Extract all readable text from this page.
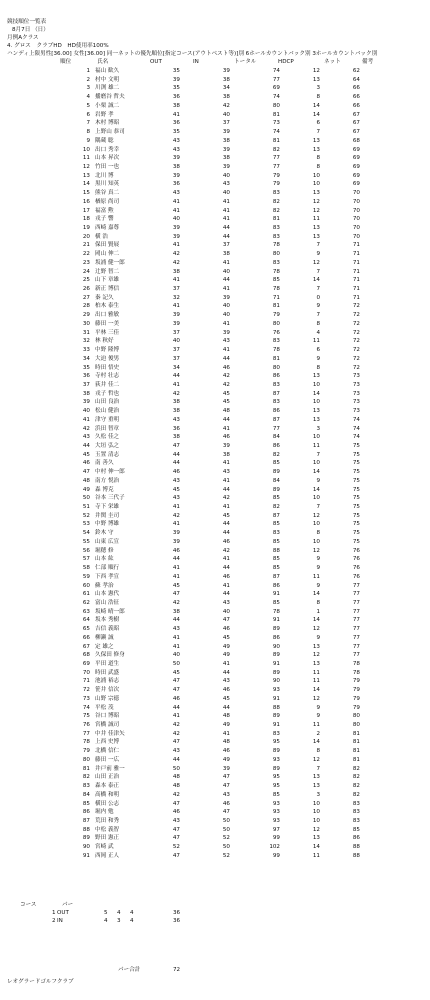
競技順位一覧表
8月7日 （日）
月例Aクラス
4. グロス　クラブHD　HD使用率100%
ハンディ上限男性[36.00] 女性[36.00] 同一ネットの優先順位[指定コース(アウトベスト等)]別 6ホールカウントバック別 3ホールカウントバック別
順位	氏名	OUT	IN	トータル	HDCP	ネット	備考
1 福山 歓久	35	39	74	12	62
2 村中 文明	39	38	77	13	64
3 川渕 雄二	35	34	69	3	66
4 播磨谷 哲夫	36	38	74	8	66
5 小栗 誠二	38	42	80	14	66
6 岩野 孝	41	40	81	14	67
7 木村 博昭	36	37	73	6	67
8 上野山 恭司	35	39	74	7	67
9 隅蔵 聡	43	38	81	13	68
10 出口 秀幸	43	39	82	13	69
11 山本 昇次	39	38	77	8	69
12 竹田 一也	38	39	77	8	69
13 北川 博	39	40	79	10	69
14 黒川 知英	36	43	79	10	69
15 熊谷 真二	43	40	83	13	70
16 楢原 尚司	41	41	82	12	70
17 福富 勲	41	41	82	12	70
18 戎子 響	40	41	81	11	70
19 西崎 嘉尊	39	44	83	13	70
20 横 浩	39	44	83	13	70
21 保田 賢展	41	37	78	7	71
22 岡山 伸二	42	38	80	9	71
23 坂浦 健一郎	42	41	83	12	71
24 辻野 智二	38	40	78	7	71
25 山下 章雄	41	44	85	14	71
26 新正 博信	37	41	78	7	71
27 秦 記久	32	39	71	0	71
28 柏木 泰生	41	40	81	9	72
29 出口 雅敏	39	40	79	7	72
30 藤田 一美	39	41	80	8	72
31 平林 三佳	37	39	76	4	72
32 林 秋好	40	43	83	11	72
33 中野 隆博	37	41	78	6	72
34 大迫 俊男	37	44	81	9	72
35 時田 悟史	34	46	80	8	72
36 寺村 壮志	44	42	86	13	73
37 荻井 佳二	41	42	83	10	73
38 戎子 哲也	42	45	87	14	73
39 山田 良治	38	45	83	10	73
40 松山 健治	38	48	86	13	73
41 津守 重明	43	44	87	13	74
42 浜田 智章	36	41	77	3	74
43 久松 佳之	38	46	84	10	74
44 大垣 弘之	47	39	86	11	75
45 玉置 清志	44	38	82	7	75
46 南 善久	44	41	85	10	75
47 中村 伸一郎	46	43	89	14	75
48 南方 悦治	43	41	84	9	75
49 森 博克	45	44	89	14	75
50 谷本 三代子	43	42	85	10	75
51 寺下 栄雄	41	41	82	7	75
52 井関 圭司	42	45	87	12	75
53 中野 博雄	41	44	85	10	75
54 鈴木 守	39	44	83	8	75
55 山東 広宣	39	46	85	10	75
56 堀穂 修	46	42	88	12	76
57 山本 紘	44	41	85	9	76
58 仁部 順行	41	44	85	9	76
59 下西 孝宣	41	46	87	11	76
60 蘇 孝治	45	41	86	9	77
61 山本 憲代	47	44	91	14	77
62 富山 浩征	42	43	85	8	77
63 坂崎 晴一郎	38	40	78	1	77
64 坂本 秀樹	44	47	91	14	77
65 吉信 義昭	43	46	89	12	77
66 柳瀬 誠	41	45	86	9	77
67 定 雄之	41	49	90	13	77
68 久保田 修身	40	49	89	12	77
69 平田 道生	50	41	91	13	78
70 時田 武盛	45	44	89	11	78
71 池浦 裕志	47	43	90	11	79
72 笹井 信次	47	46	93	14	79
73 山野 宗徳	46	45	91	12	79
74 平松 茂	44	44	88	9	79
75 谷口 博昭	41	48	89	9	80
76 宮橋 誠司	42	49	91	11	80
77 中井 佳津矢	42	41	83	2	81
78 上西 史博	47	48	95	14	81
79 北橋 信仁	43	46	89	8	81
80 藤田 一広	44	49	93	12	81
81 井戸前 雅一	50	39	89	7	82
82 山田 正治	48	47	95	13	82
83 森本 泰正	48	47	95	13	82
84 高橋 和明	42	43	85	3	82
85 横田 公志	47	46	93	10	83
86 堀内 勉	46	47	93	10	83
87 荒田 和秀	43	50	93	10	83
88 中松 義智	47	50	97	12	85
89 野田 憲正	47	52	99	13	86
90 宮崎 武	52	50	102	14	88
91 西岡 正人	47	52	99	11	88
コース	パー
1 OUT	5 4 4	36
2 IN	4 3 4	36
パー合計	72
レオグラードゴルフクラブ
